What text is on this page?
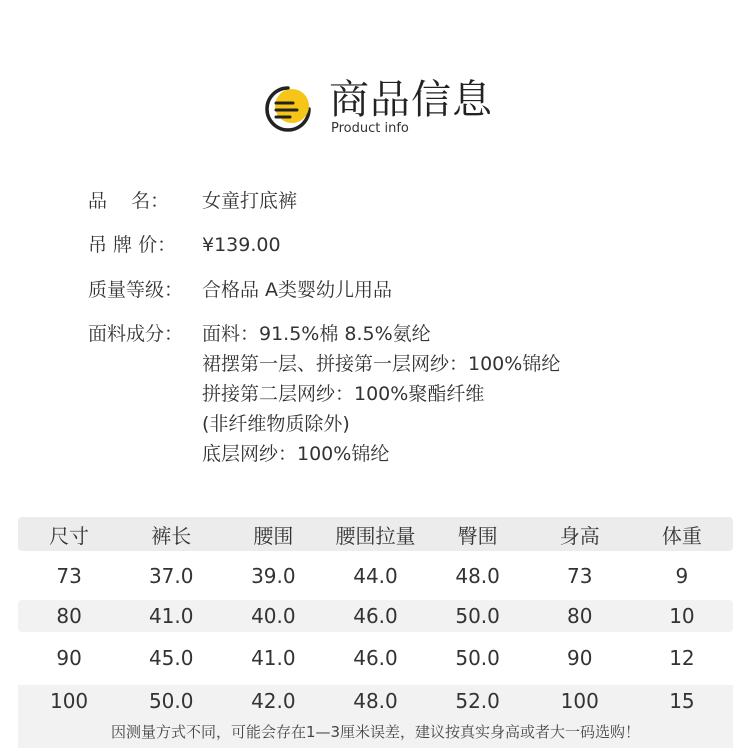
商品信息
Product info
品    名：	女童打底裤
吊 牌 价：	¥139.00
质量等级： 合格品 A类婴幼儿用品
面料成分： 面料：91.5%棉 8.5%氨纶
裙摆第一层、拼接第一层网纱：100%锦纶
拼接第二层网纱：100%聚酯纤维
(非纤维物质除外)
底层网纱：100%锦纶
尺寸	裤长	腰围	腰围拉量	臀围	身高	体重
73	37.0	39.0	44.0	48.0	73	9
80	41.0	40.0	46.0	50.0	80	10
90	45.0	41.0	46.0	50.0	90	12
100	50.0	42.0	48.0	52.0	100	15
因测量方式不同，可能会存在1—3厘米误差，建议按真实身高或者大一码选购！
